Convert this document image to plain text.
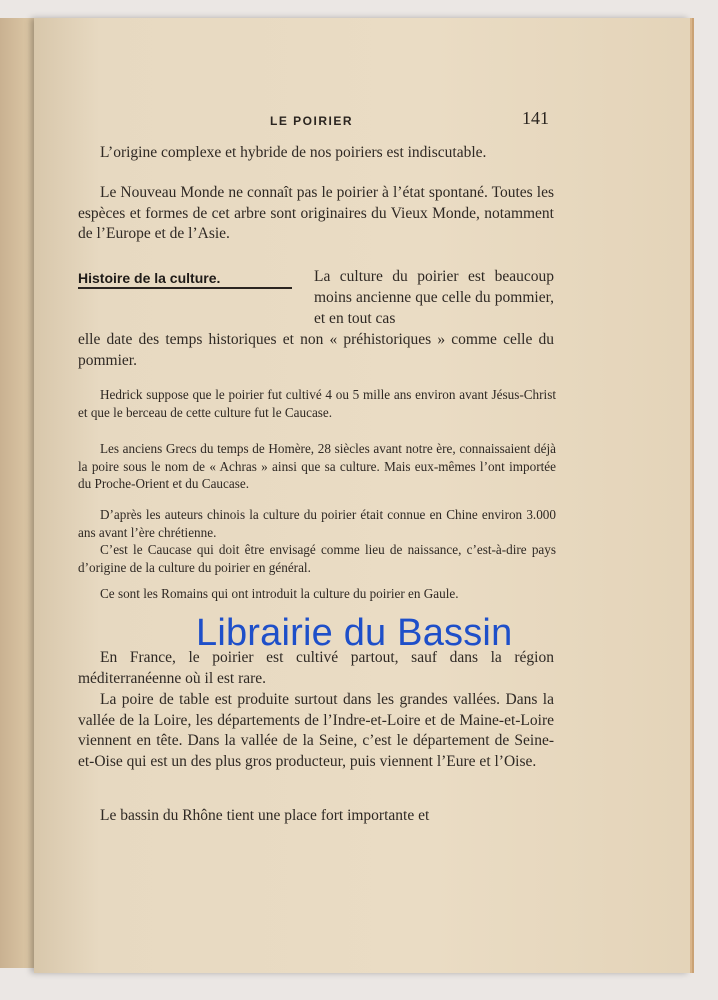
LE POIRIER	141

L’origine complexe et hybride de nos poiriers est indiscutable.

Le Nouveau Monde ne connaît pas le poirier à l’état spontané. Toutes les espèces et formes de cet arbre sont originaires du Vieux Monde, notamment de l’Europe et de l’Asie.

Histoire de la culture.	La culture du poirier est beaucoup moins ancienne que celle du pommier, et en tout cas

elle date des temps historiques et non « préhistoriques » comme celle du pommier.

Hedrick suppose que le poirier fut cultivé 4 ou 5 mille ans environ avant Jésus-Christ et que le berceau de cette culture fut le Caucase.

Les anciens Grecs du temps de Homère, 28 siècles avant notre ère, connaissaient déjà la poire sous le nom de « Achras » ainsi que sa culture. Mais eux-mêmes l’ont importée du Proche-Orient et du Caucase.

D’après les auteurs chinois la culture du poirier était connue en Chine environ 3.000 ans avant l’ère chrétienne.

C’est le Caucase qui doit être envisagé comme lieu de naissance, c’est-à-dire pays d’origine de la culture du poirier en général.

Ce sont les Romains qui ont introduit la culture du poirier en Gaule.

En France, le poirier est cultivé partout, sauf dans la région méditerranéenne où il est rare.

La poire de table est produite surtout dans les grandes vallées. Dans la vallée de la Loire, les départements de l’Indre-et-Loire et de Maine-et-Loire viennent en tête. Dans la vallée de la Seine, c’est le département de Seine-et-Oise qui est un des plus gros producteur, puis viennent l’Eure et l’Oise.

Le bassin du Rhône tient une place fort importante et

Librairie du Bassin
